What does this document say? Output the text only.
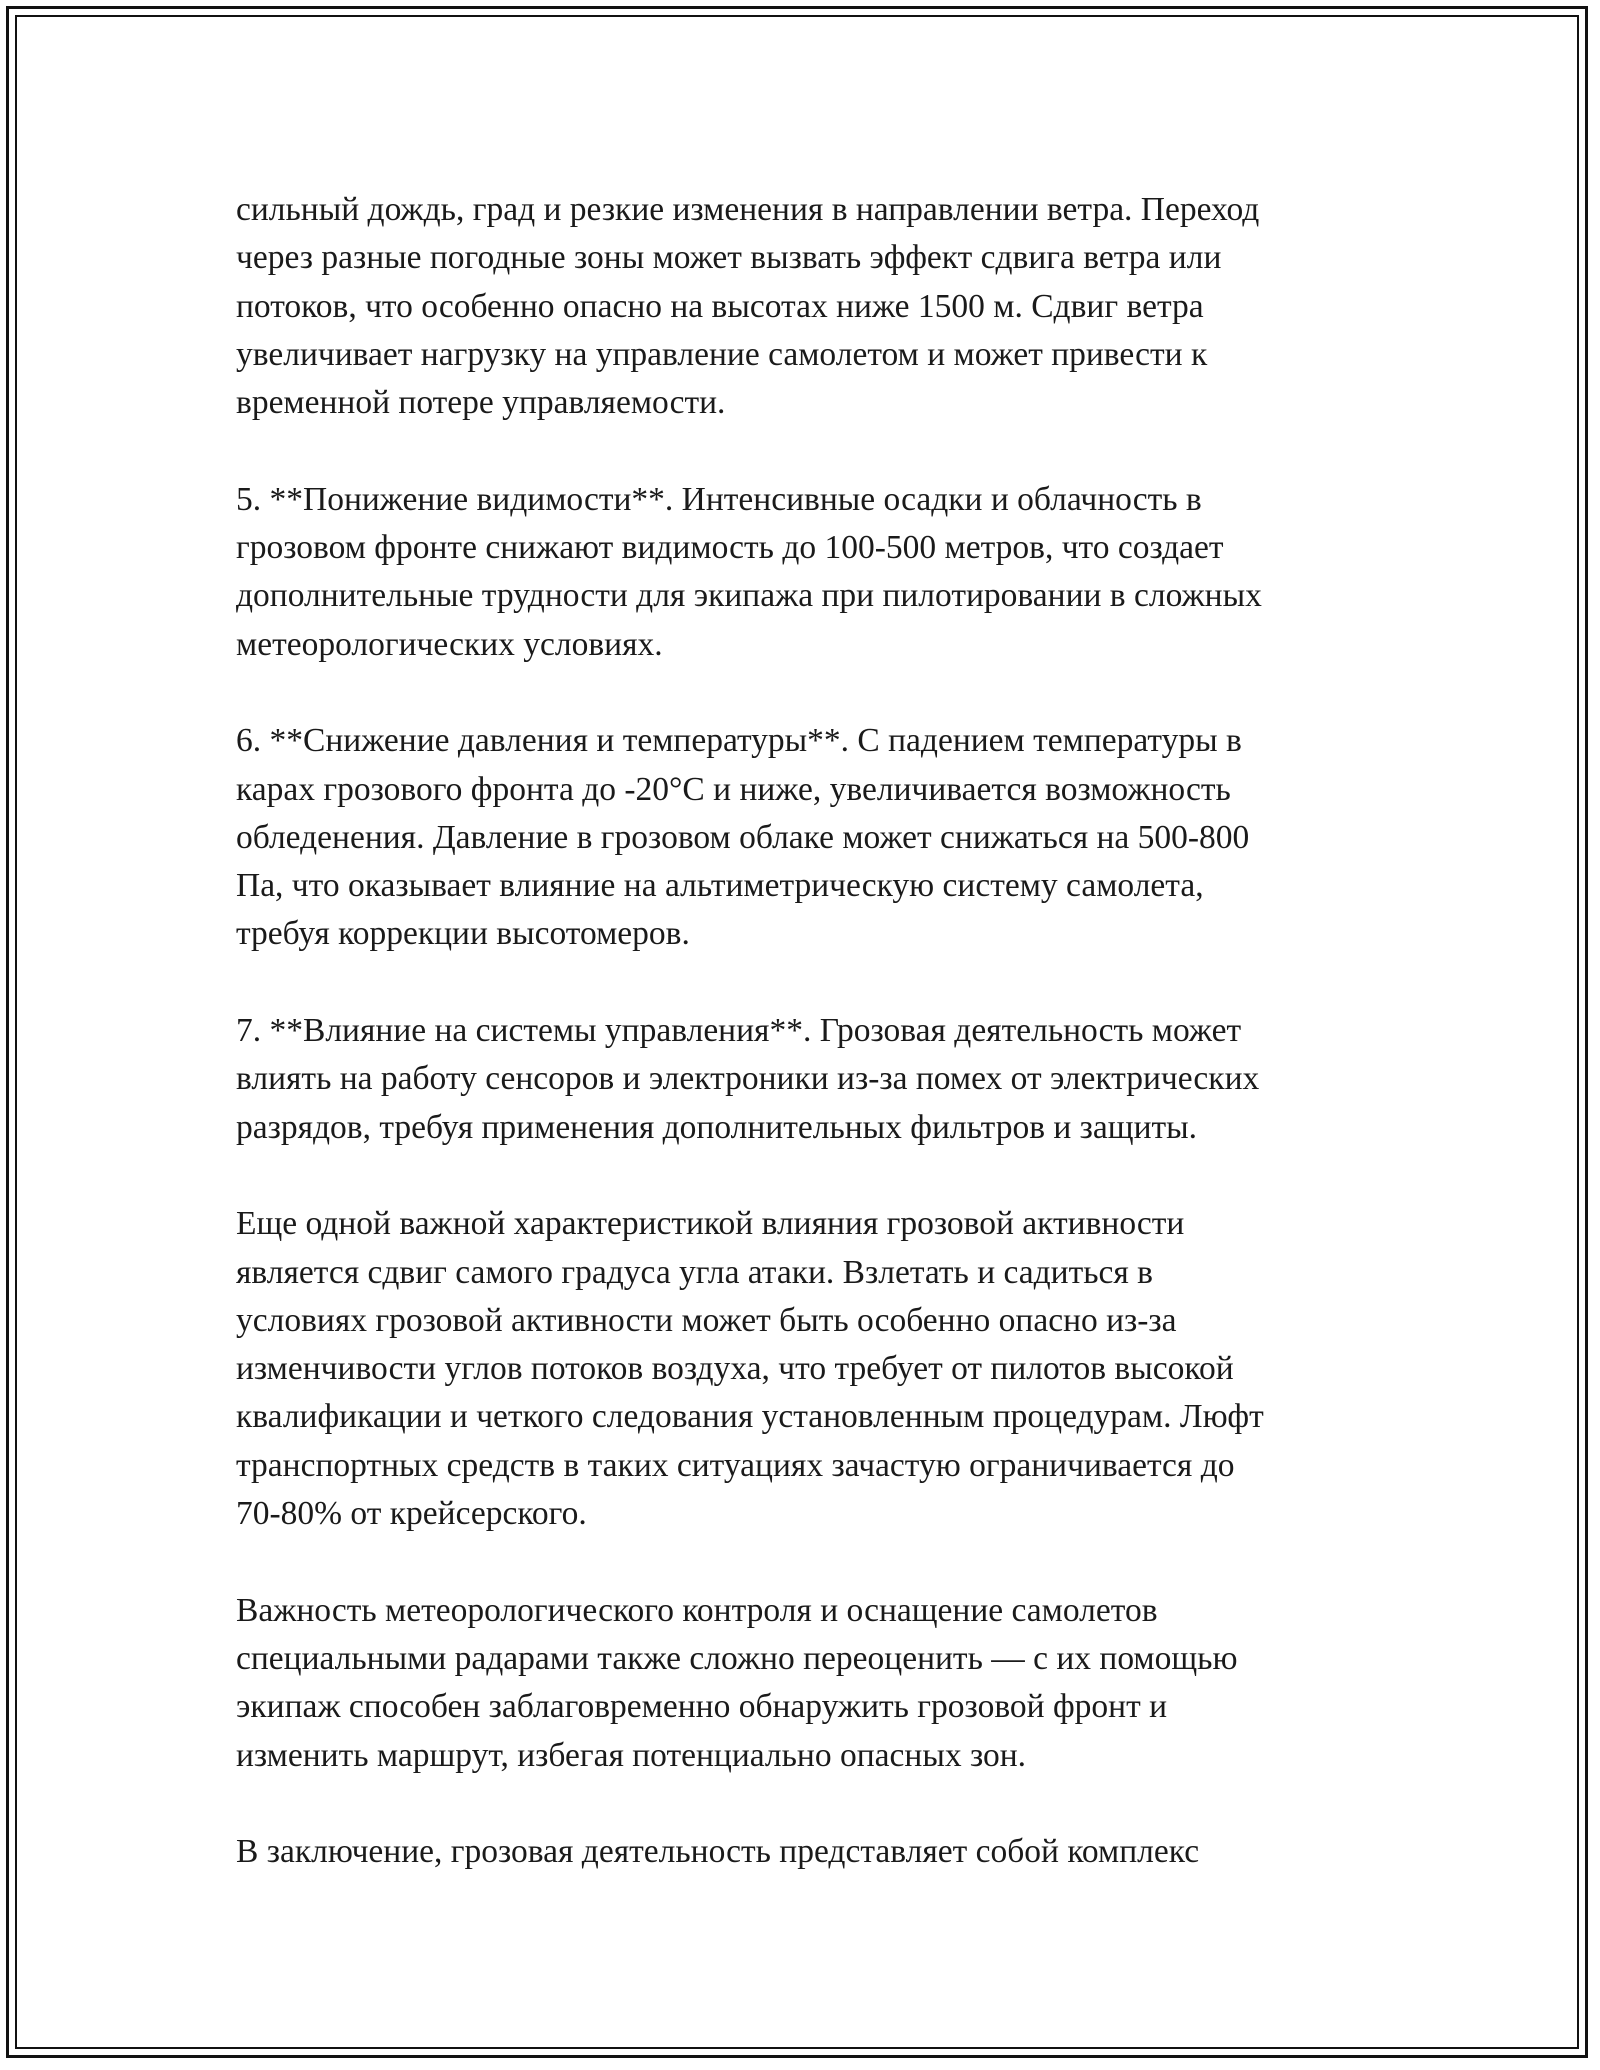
сильный дождь, град и резкие изменения в направлении ветра. Переход
через разные погодные зоны может вызвать эффект сдвига ветра или
потоков, что особенно опасно на высотах ниже 1500 м. Сдвиг ветра
увеличивает нагрузку на управление самолетом и может привести к
временной потере управляемости.

5. **Понижение видимости**. Интенсивные осадки и облачность в
грозовом фронте снижают видимость до 100-500 метров, что создает
дополнительные трудности для экипажа при пилотировании в сложных
метеорологических условиях.

6. **Снижение давления и температуры**. С падением температуры в
карах грозового фронта до -20°C и ниже, увеличивается возможность
обледенения. Давление в грозовом облаке может снижаться на 500-800
Па, что оказывает влияние на альтиметрическую систему самолета,
требуя коррекции высотомеров.

7. **Влияние на системы управления**. Грозовая деятельность может
влиять на работу сенсоров и электроники из-за помех от электрических
разрядов, требуя применения дополнительных фильтров и защиты.

Еще одной важной характеристикой влияния грозовой активности
является сдвиг самого градуса угла атаки. Взлетать и садиться в
условиях грозовой активности может быть особенно опасно из-за
изменчивости углов потоков воздуха, что требует от пилотов высокой
квалификации и четкого следования установленным процедурам. Люфт
транспортных средств в таких ситуациях зачастую ограничивается до
70-80% от крейсерского.

Важность метеорологического контроля и оснащение самолетов
специальными радарами также сложно переоценить — с их помощью
экипаж способен заблаговременно обнаружить грозовой фронт и
изменить маршрут, избегая потенциально опасных зон.

В заключение, грозовая деятельность представляет собой комплекс
